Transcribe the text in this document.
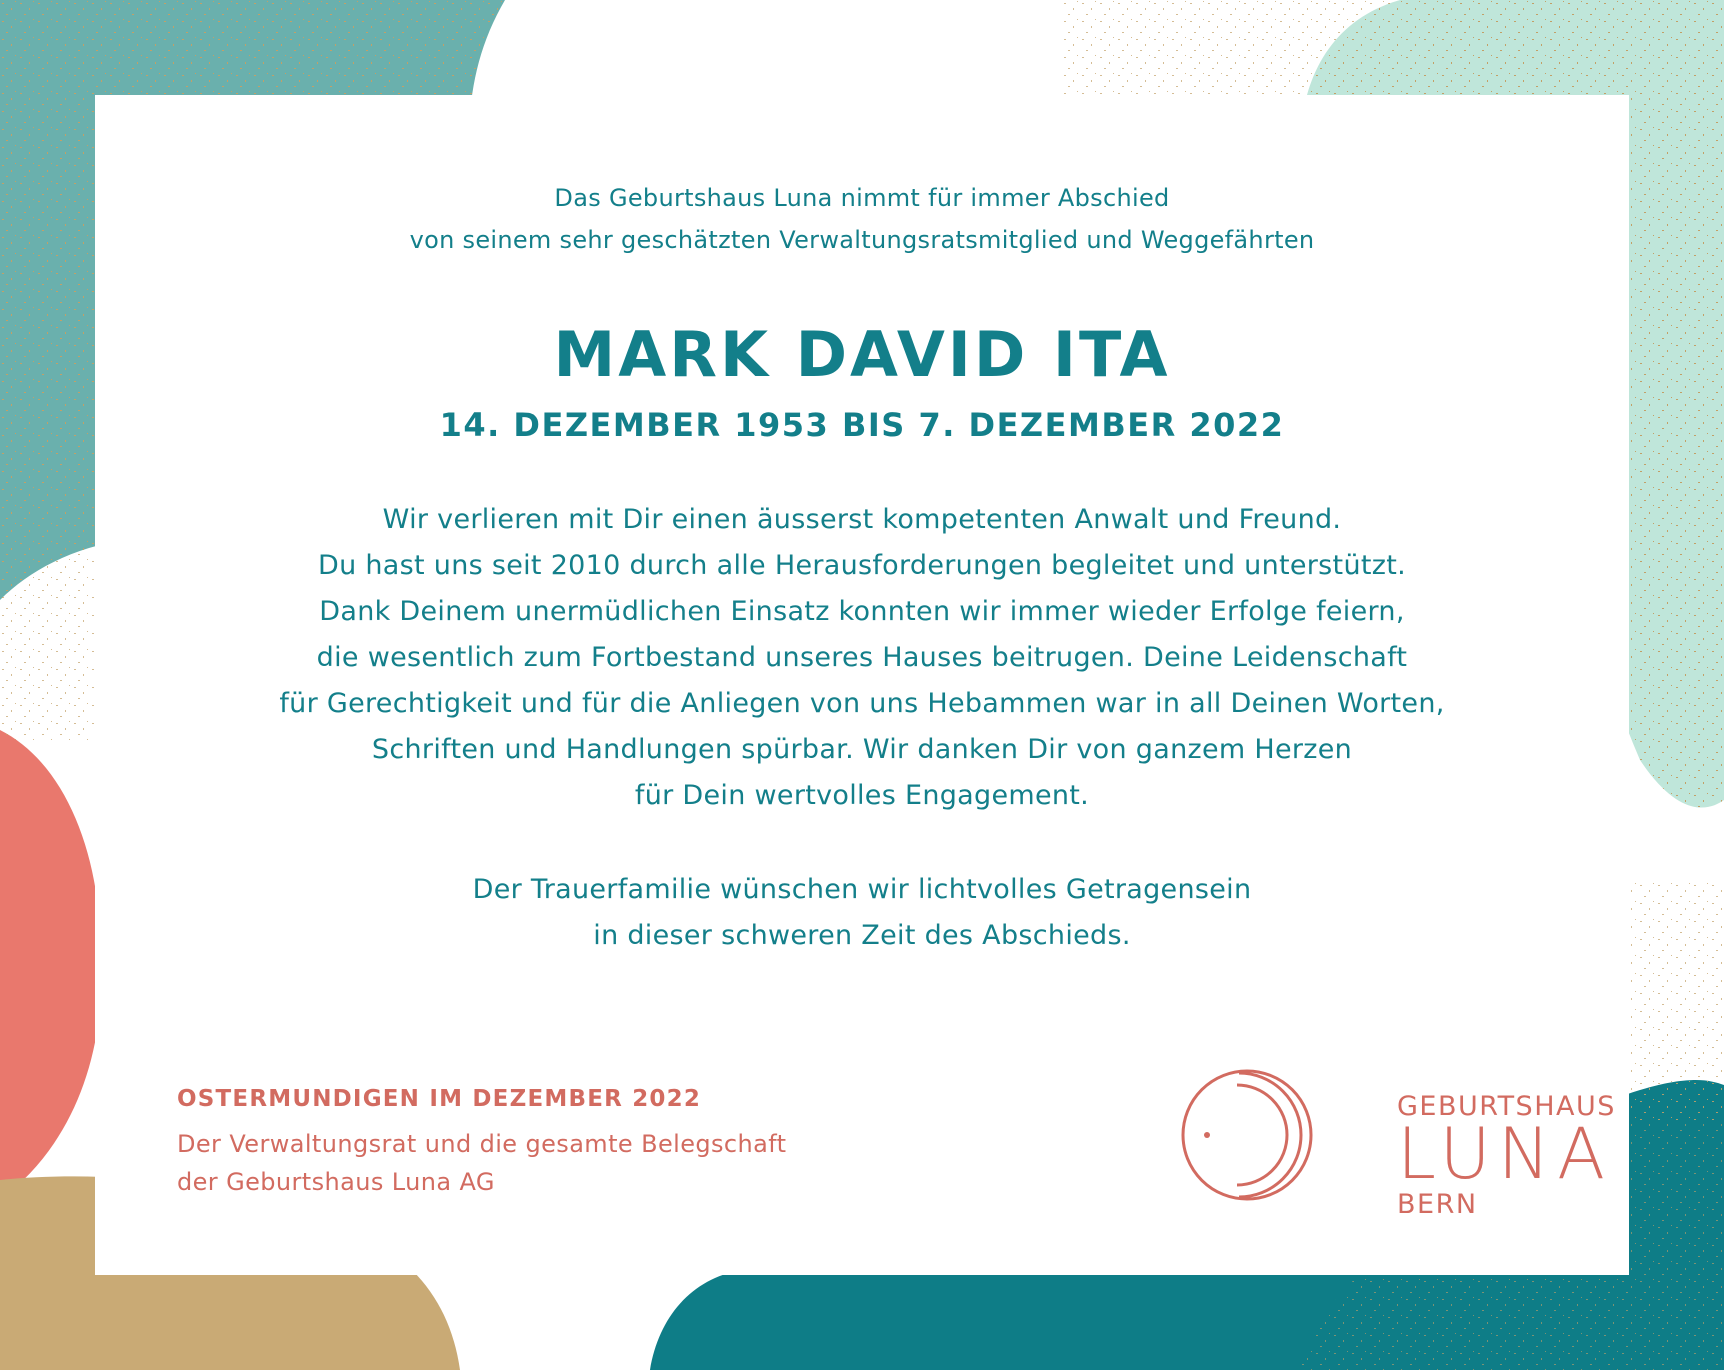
Das Geburtshaus Luna nimmt für immer Abschied
von seinem sehr geschätzten Verwaltungsratsmitglied und Weggefährten
MARK DAVID ITA
14. DEZEMBER 1953 BIS 7. DEZEMBER 2022
Wir verlieren mit Dir einen äusserst kompetenten Anwalt und Freund.
Du hast uns seit 2010 durch alle Herausforderungen begleitet und unterstützt.
Dank Deinem unermüdlichen Einsatz konnten wir immer wieder Erfolge feiern,
die wesentlich zum Fortbestand unseres Hauses beitrugen. Deine Leidenschaft
für Gerechtigkeit und für die Anliegen von uns Hebammen war in all Deinen Worten,
Schriften und Handlungen spürbar. Wir danken Dir von ganzem Herzen
für Dein wertvolles Engagement.
Der Trauerfamilie wünschen wir lichtvolles Getragensein
in dieser schweren Zeit des Abschieds.
OSTERMUNDIGEN IM DEZEMBER 2022
Der Verwaltungsrat und die gesamte Belegschaft
der Geburtshaus Luna AG
GEBURTSHAUS
LUNA
BERN
